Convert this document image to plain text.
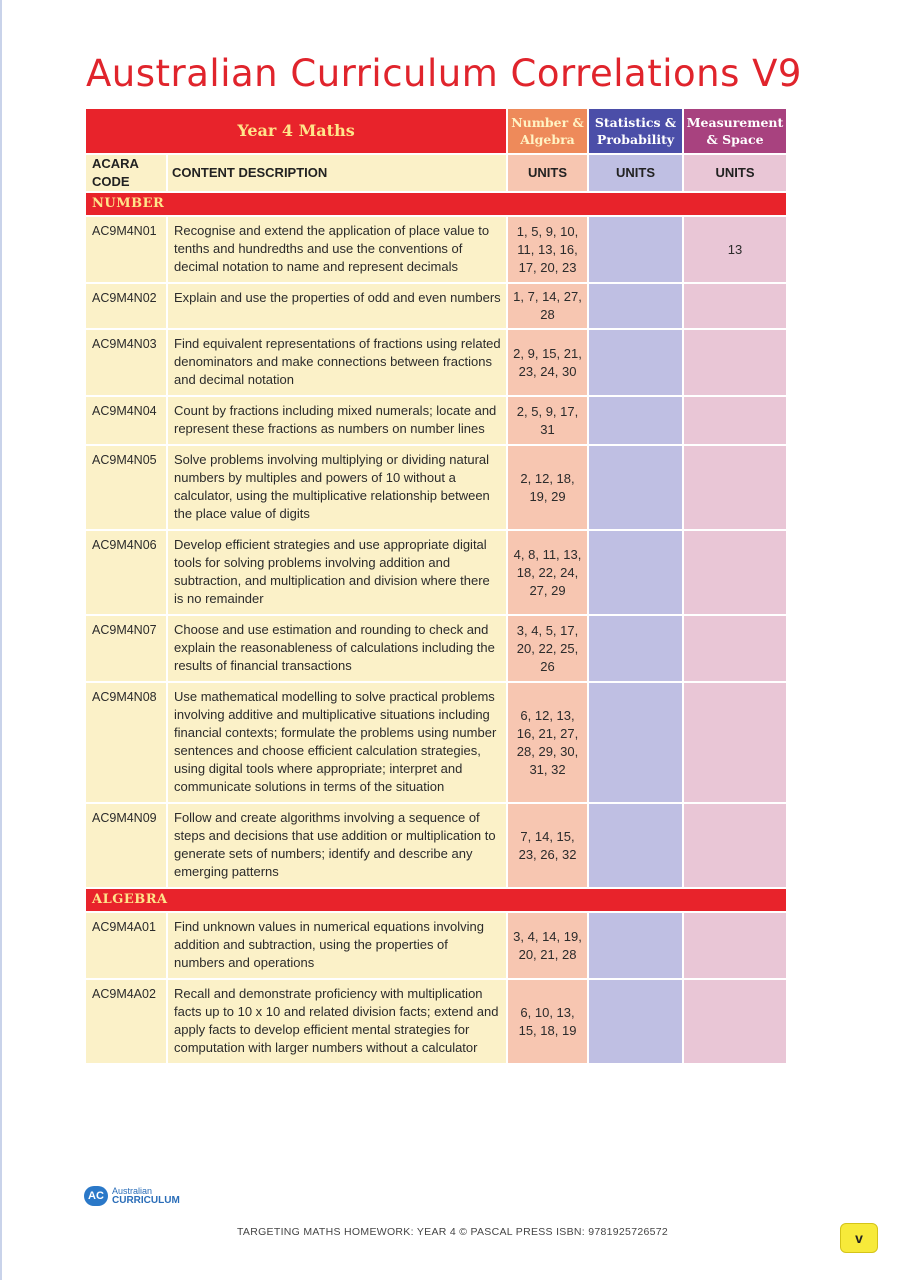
Australian Curriculum Correlations V9
Year 4 Maths		Number & Algebra	Statistics & Probability	Measurement & Space
ACARA CODE	CONTENT DESCRIPTION	UNITS	UNITS	UNITS
NUMBER				
AC9M4N01	Recognise and extend the application of place value to tenths and hundredths and use the conventions of decimal notation to name and represent decimals	1, 5, 9, 10, 11, 13, 16, 17, 20, 23		13
AC9M4N02	Explain and use the properties of odd and even numbers	1, 7, 14, 27, 28		
AC9M4N03	Find equivalent representations of fractions using related denominators and make connections between fractions and decimal notation	2, 9, 15, 21, 23, 24, 30		
AC9M4N04	Count by fractions including mixed numerals; locate and represent these fractions as numbers on number lines	2, 5, 9, 17, 31		
AC9M4N05	Solve problems involving multiplying or dividing natural numbers by multiples and powers of 10 without a calculator, using the multiplicative relationship between the place value of digits	2, 12, 18, 19, 29		
AC9M4N06	Develop efficient strategies and use appropriate digital tools for solving problems involving addition and subtraction, and multiplication and division where there is no remainder	4, 8, 11, 13, 18, 22, 24, 27, 29		
AC9M4N07	Choose and use estimation and rounding to check and explain the reasonableness of calculations including the results of financial transactions	3, 4, 5, 17, 20, 22, 25, 26		
AC9M4N08	Use mathematical modelling to solve practical problems involving additive and multiplicative situations including financial contexts; formulate the problems using number sentences and choose efficient calculation strategies, using digital tools where appropriate; interpret and communicate solutions in terms of the situation	6, 12, 13, 16, 21, 27, 28, 29, 30, 31, 32		
AC9M4N09	Follow and create algorithms involving a sequence of steps and decisions that use addition or multiplication to generate sets of numbers; identify and describe any emerging patterns	7, 14, 15, 23, 26, 32		
ALGEBRA				
AC9M4A01	Find unknown values in numerical equations involving addition and subtraction, using the properties of numbers and operations	3, 4, 14, 19, 20, 21, 28		
AC9M4A02	Recall and demonstrate proficiency with multiplication facts up to 10 x 10 and related division facts; extend and apply facts to develop efficient mental strategies for computation with larger numbers without a calculator	6, 10, 13, 15, 18, 19		
AC Australian
CURRICULUM
TARGETING MATHS HOMEWORK: YEAR 4 © PASCAL PRESS ISBN: 9781925726572	v
